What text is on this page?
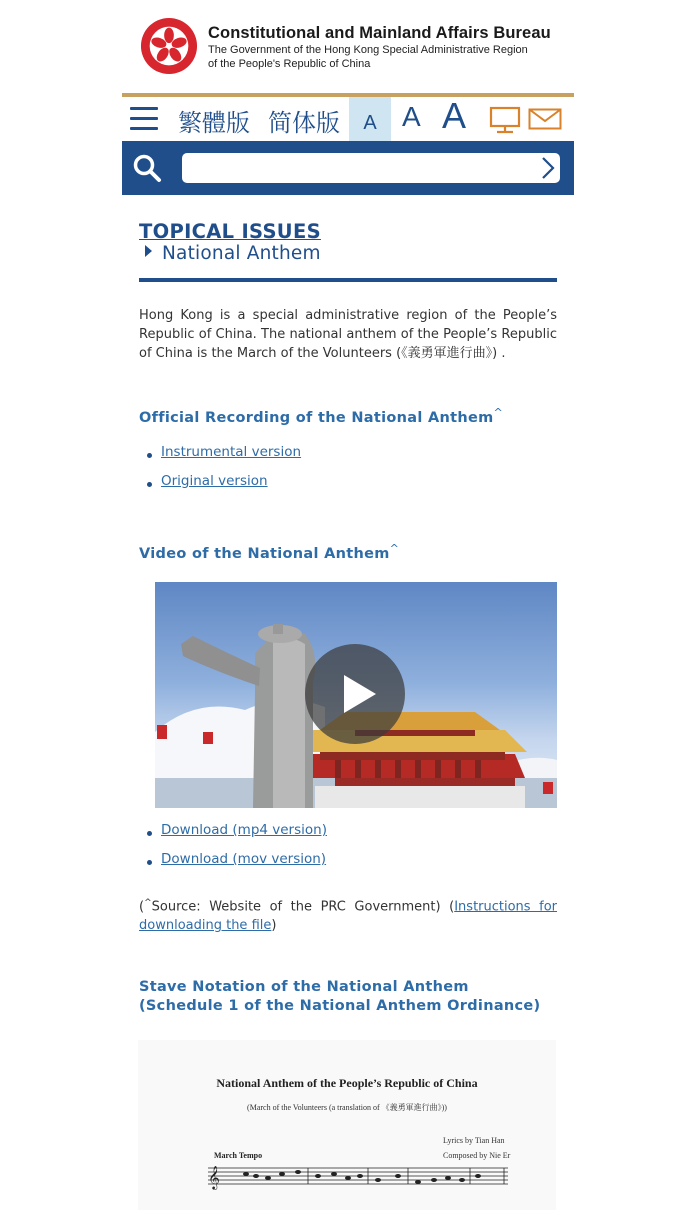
Constitutional and Mainland Affairs Bureau
The Government of the Hong Kong Special Administrative Region
of the People's Republic of China
繁體版 简体版	A A A
TOPICAL ISSUES
National Anthem

Hong Kong is a special administrative region of the People’s Republic of China. The national anthem of the People’s Republic of China is the March of the Volunteers (《義勇軍進行曲》) .

Official Recording of the National Anthem^
Instrumental version
Original version
Video of the National Anthem^
Download (mp4 version)
Download (mov version)

(^Source: Website of the PRC Government) (Instructions for downloading the file)

Stave Notation of the National Anthem (Schedule 1 of the National Anthem Ordinance)
National Anthem of the People’s Republic of China
(March of the Volunteers (a translation of 《義勇軍進行曲》))
Lyrics by Tian Han
Composed by Nie Er
March Tempo
𝄞
